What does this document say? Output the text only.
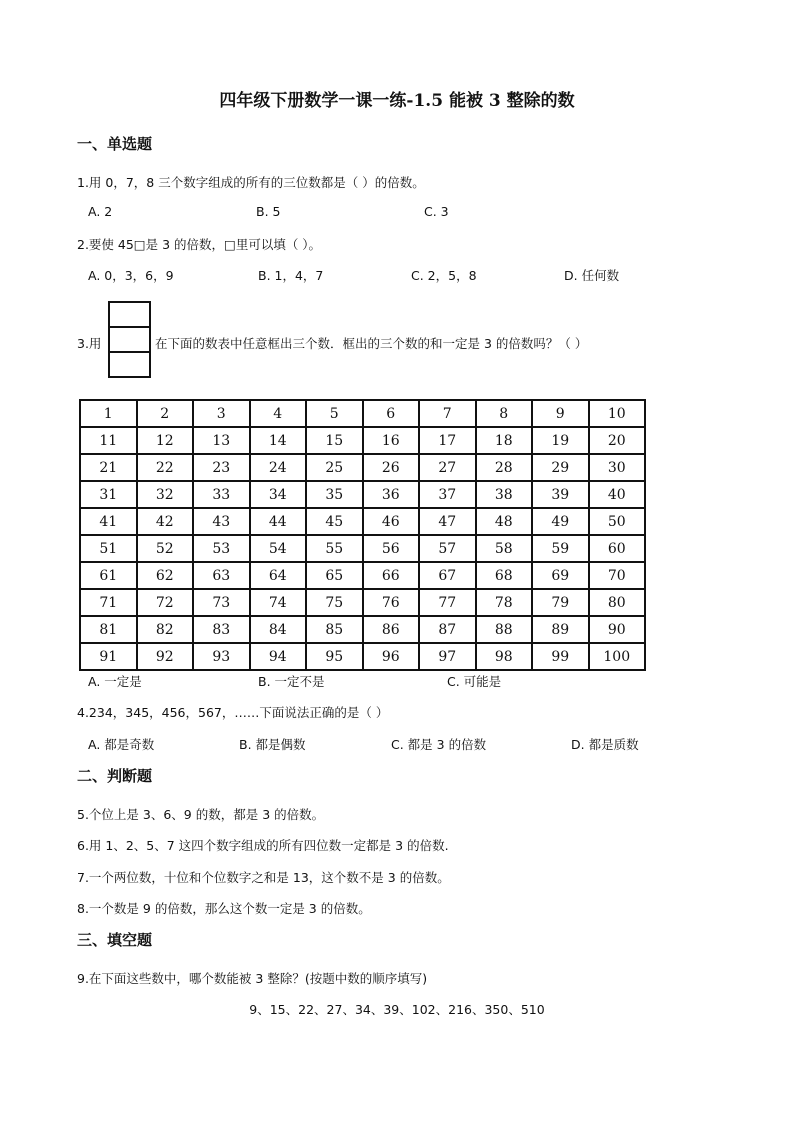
四年级下册数学一课一练-1.5 能被 3 整除的数
一、单选题
1.用 0，7，8 三个数字组成的所有的三位数都是（ ）的倍数。
A. 2	B. 5	C. 3
2.要使 45□是 3 的倍数，□里可以填（ ）。
A. 0，3，6，9	B. 1，4，7	C. 2，5，8	D. 任何数
3.用	在下面的数表中任意框出三个数．框出的三个数的和一定是 3 的倍数吗？（ ）
1	2	3	4	5	6	7	8	9	10
11	12	13	14	15	16	17	18	19	20
21	22	23	24	25	26	27	28	29	30
31	32	33	34	35	36	37	38	39	40
41	42	43	44	45	46	47	48	49	50
51	52	53	54	55	56	57	58	59	60
61	62	63	64	65	66	67	68	69	70
71	72	73	74	75	76	77	78	79	80
81	82	83	84	85	86	87	88	89	90
91	92	93	94	95	96	97	98	99	100
A. 一定是	B. 一定不是	C. 可能是
4.234，345，456，567，……下面说法正确的是（ ）
A. 都是奇数	B. 都是偶数	C. 都是 3 的倍数	D. 都是质数
二、判断题
5.个位上是 3、6、9 的数，都是 3 的倍数。
6.用 1、2、5、7 这四个数字组成的所有四位数一定都是 3 的倍数.
7.一个两位数，十位和个位数字之和是 13，这个数不是 3 的倍数。
8.一个数是 9 的倍数，那么这个数一定是 3 的倍数。
三、填空题
9.在下面这些数中，哪个数能被 3 整除？(按题中数的顺序填写)
9、15、22、27、34、39、102、216、350、510
